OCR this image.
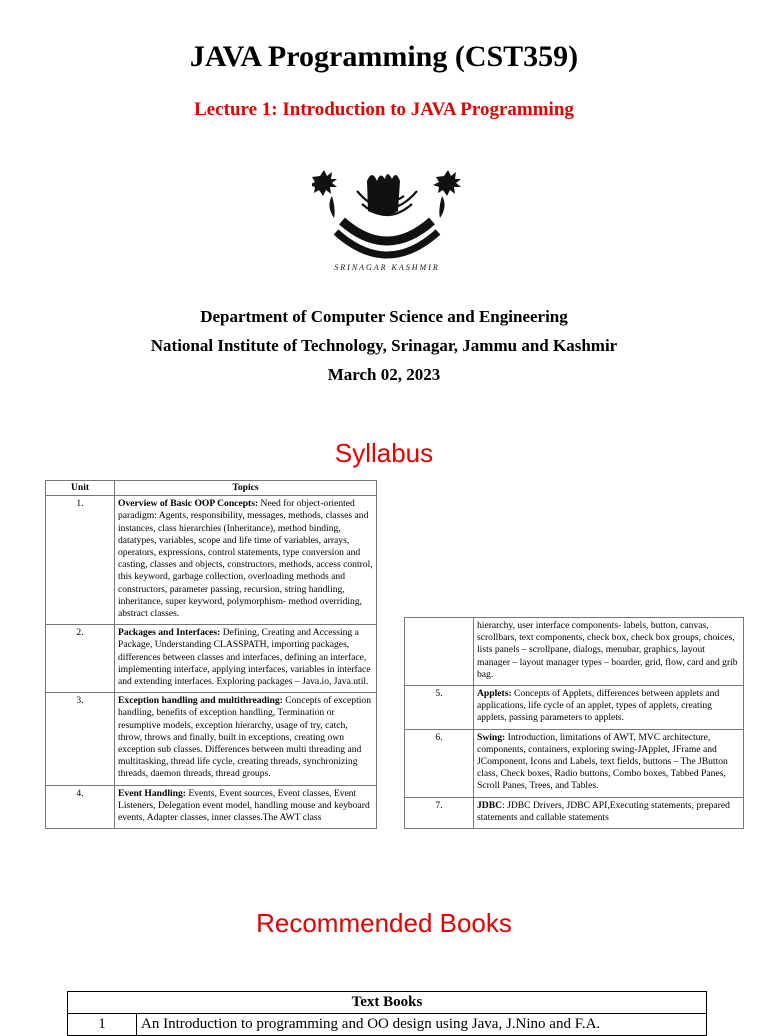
JAVA Programming (CST359)
Lecture 1: Introduction to JAVA Programming
SRINAGAR KASHMIR
Department of Computer Science and Engineering
National Institute of Technology, Srinagar, Jammu and Kashmir
March 02, 2023
Syllabus
Unit	Topics
1.	Overview of Basic OOP Concepts: Need for object-oriented paradigm: Agents, responsibility, messages, methods, classes and instances, class hierarchies (Inheritance), method binding, datatypes, variables, scope and life time of variables, arrays, operators, expressions, control statements, type conversion and casting, classes and objects, constructors, methods, access control, this keyword, garbage collection, overloading methods and constructors, parameter passing, recursion, string handling, inheritance, super keyword, polymorphism- method overriding, abstract classes.
2.	Packages and Interfaces: Defining, Creating and Accessing a Package, Understanding CLASSPATH, importing packages, differences between classes and interfaces, defining an interface, implementing interface, applying interfaces, variables in interface and extending interfaces. Exploring packages – Java.io, Java.util.
3.	Exception handling and multithreading: Concepts of exception handling, benefits of exception handling, Termination or resumptive models, exception hierarchy, usage of try, catch, throw, throws and finally, built in exceptions, creating own exception sub classes. Differences between multi threading and multitasking, thread life cycle, creating threads, synchronizing threads, daemon threads, thread groups.
4.	Event Handling: Events, Event sources, Event classes, Event Listeners, Delegation event model, handling mouse and keyboard events, Adapter classes, inner classes.The AWT class
	hierarchy, user interface components- labels, button, canvas, scrollbars, text components, check box, check box groups, choices, lists panels – scrollpane, dialogs, menubar, graphics, layout manager – layout manager types – boarder, grid, flow, card and grib bag.
5.	Applets: Concepts of Applets, differences between applets and applications, life cycle of an applet, types of applets, creating applets, passing parameters to applets.
6.	Swing: Introduction, limitations of AWT, MVC architecture, components, containers, exploring swing-JApplet, JFrame and JComponent, Icons and Labels, text fields, buttons – The JButton class, Check boxes, Radio buttons, Combo boxes, Tabbed Panes, Scroll Panes, Trees, and Tables.
7.	JDBC: JDBC Drivers, JDBC API,Executing statements, prepared statements and callable statements
Recommended Books
Text Books
1	An Introduction to programming and OO design using Java, J.Nino and F.A.
